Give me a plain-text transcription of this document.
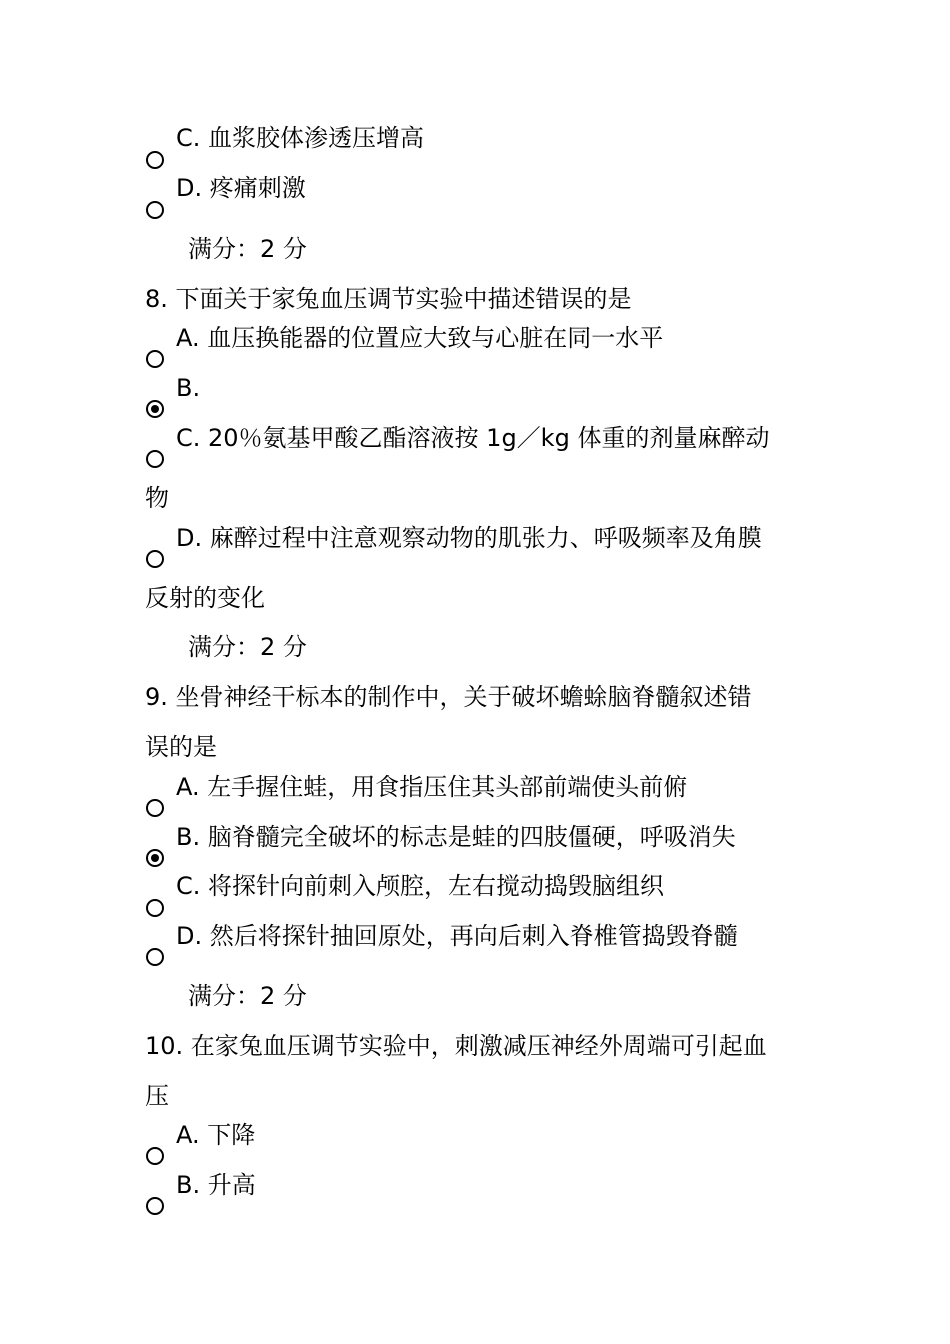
C. 血浆胶体渗透压增高
D. 疼痛刺激
满分：2 分
8. 下面关于家兔血压调节实验中描述错误的是
A. 血压换能器的位置应大致与心脏在同一水平
B.
C. 20％氨基甲酸乙酯溶液按 1g／kg 体重的剂量麻醉动
物
D. 麻醉过程中注意观察动物的肌张力、呼吸频率及角膜
反射的变化
满分：2 分
9. 坐骨神经干标本的制作中，关于破坏蟾蜍脑脊髓叙述错
误的是
A. 左手握住蛙，用食指压住其头部前端使头前俯
B. 脑脊髓完全破坏的标志是蛙的四肢僵硬，呼吸消失
C. 将探针向前刺入颅腔，左右搅动捣毁脑组织
D. 然后将探针抽回原处，再向后刺入脊椎管捣毁脊髓
满分：2 分
10. 在家兔血压调节实验中，刺激减压神经外周端可引起血
压
A. 下降
B. 升高
